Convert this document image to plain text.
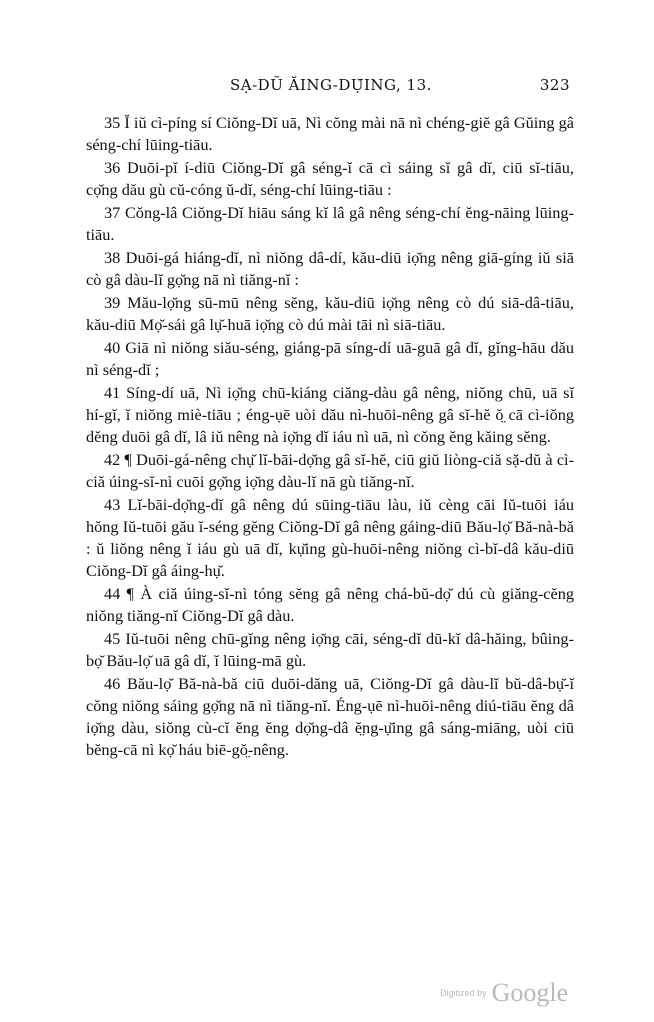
SẠ-DŨ ĂING-DỤ̆ING, 13.	323

35 Ĭ iŭ cì-píng sí Ciŏng-Dĭ uā, Nì cŏng mài nā nì chéng-giĕ gâ Gŭing gâ séng-chí lūing-tiāu.

36 Duōi-pĭ í-diū Ciŏng-Dĭ gâ séng-ĭ cā cì sáing sĭ gâ dĭ, ciū sĭ-tiāu, cọ̆ng dău gù cŭ-cóng ŭ-dĭ, séng-chí lūing-tiāu :

37 Cŏng-lâ Ciŏng-Dĭ hiāu sáng kĭ lâ gâ nêng séng-chí ĕng-nāing lūing-tiāu.

38 Duōi-gá hiáng-dĭ, nì niŏng dâ-dí, kău-diū iọ̆ng nêng giā-gíng iŭ siā cò gâ dàu-lĭ gọ̆ng nā nì tiăng-nĭ :

39 Mău-lọ̆ng sū-mū nêng sĕng, kău-diū iọ̆ng nêng cò dú siā-dâ-tiāu, kău-diū Mọ̆-sái gâ lụ̆-huā iọ̆ng cò dú mài tāi nì siā-tiāu.

40 Giā nì niŏng siău-séng, giáng-pā síng-dí uā-guā gâ dĭ, gĭng-hāu dău nì séng-dĭ ;

41 Síng-dí uā, Nì iọ̆ng chū-kiáng ciăng-dàu gâ nêng, niŏng chū, uā sĭ hí-gĭ, ĭ niŏng miè-tiāu ; éng-ụē uòi dău nì-huōi-nêng gâ sĭ-hĕ ŏ̤ cā cì-iŏng dĕng duōi gâ dĭ, lâ iŭ nêng nà iọ̆ng dĭ iáu nì uā, nì cŏng ĕng kăing sĕng.

42 ¶ Duōi-gá-nêng chụ̆ lĭ-bāi-dọ̆ng gâ sĭ-hĕ, ciū giŭ liòng-ciă sặ-dŭ à cì-ciă úing-sĭ-nì cuōi gọ̆ng iọ̆ng dàu-lĭ nā gù tiăng-nĭ.

43 Lĭ-bāi-dọ̆ng-dĭ gâ nêng dú sūing-tiāu làu, iŭ cèng cāi Iŭ-tuōi iáu hŏng Iŭ-tuōi gău ĭ-séng gĕng Ciŏng-Dĭ gâ nêng gáing-diū Bău-lọ̆ Bă-nà-bă : ŭ liŏng nêng ĭ iáu gù uā dĭ, kụ̆ing gù-huōi-nêng niŏng cì-bĭ-dâ kău-diū Ciŏng-Dĭ gâ áing-hụ̆.

44 ¶ À ciă úing-sĭ-nì tóng sĕng gâ nêng chá-bŭ-dọ̆ dú cù giăng-cĕng niŏng tiăng-nĭ Ciŏng-Dĭ gâ dàu.

45 Iŭ-tuōi nêng chū-gĭng nêng iọ̆ng cāi, séng-dĭ dū-kĭ dâ-hăing, bûing-bọ̆ Bău-lọ̆ uā gâ dĭ, ĭ lūing-mā gù.

46 Bău-lọ̆ Bă-nà-bă ciū duōi-dăng uā, Ciŏng-Dĭ gâ dàu-lĭ bŭ-dâ-bụ̆-ĭ cŏng niŏng sáing gọ̆ng nā nì tiăng-nĭ. Éng-ụē nì-huōi-nêng diú-tiāu ĕng dâ iọ̆ng dàu, siŏng cù-cĭ ĕng ĕng dọ̆ng-dâ ĕ̤ng-ụ̆ing gâ sáng-miāng, uòi ciū bĕng-cā nì kọ̆ háu biē-gŏ̤-nêng.

Digitized by Google
